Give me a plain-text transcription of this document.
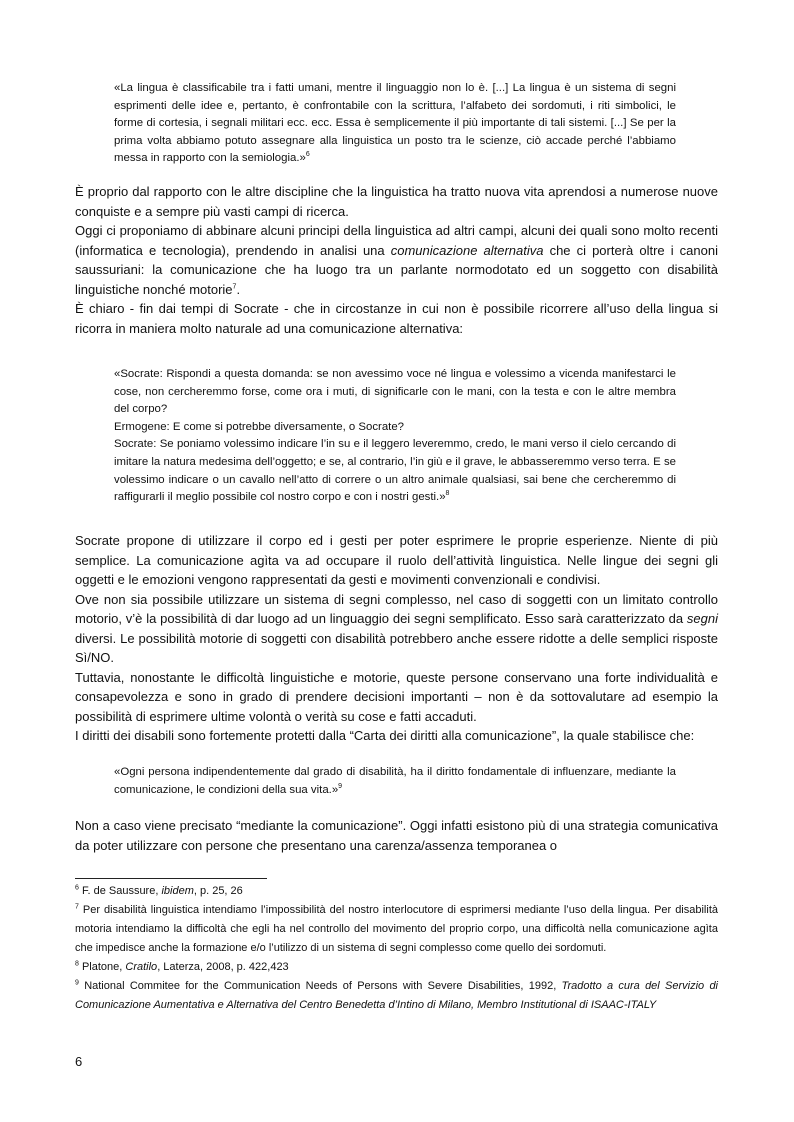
«La lingua è classificabile tra i fatti umani, mentre il linguaggio non lo è. [...] La lingua è un sistema di segni esprimenti delle idee e, pertanto, è confrontabile con la scrittura, l’alfabeto dei sordomuti, i riti simbolici, le forme di cortesia, i segnali militari ecc. ecc. Essa è semplicemente il più importante di tali sistemi. [...] Se per la prima volta abbiamo potuto assegnare alla linguistica un posto tra le scienze, ciò accade perché l’abbiamo messa in rapporto con la semiologia.»$^6$

È proprio dal rapporto con le altre discipline che la linguistica ha tratto nuova vita aprendosi a numerose nuove conquiste e a sempre più vasti campi di ricerca.

Oggi ci proponiamo di abbinare alcuni principi della linguistica ad altri campi, alcuni dei quali sono molto recenti (informatica e tecnologia), prendendo in analisi una comunicazione alternativa che ci porterà oltre i canoni saussuriani: la comunicazione che ha luogo tra un parlante normodotato ed un soggetto con disabilità linguistiche nonché motorie$^7$.

È chiaro - fin dai tempi di Socrate - che in circostanze in cui non è possibile ricorrere all’uso della lingua si ricorra in maniera molto naturale ad una comunicazione alternativa:

«Socrate: Rispondi a questa domanda: se non avessimo voce né lingua e volessimo a vicenda manifestarci le cose, non cercheremmo forse, come ora i muti, di significarle con le mani, con la testa e con le altre membra del corpo?

Ermogene: E come si potrebbe diversamente, o Socrate?

Socrate: Se poniamo volessimo indicare l’in su e il leggero leveremmo, credo, le mani verso il cielo cercando di imitare la natura medesima dell’oggetto; e se, al contrario, l’in giù e il grave, le abbasseremmo verso terra. E se volessimo indicare o un cavallo nell’atto di correre o un altro animale qualsiasi, sai bene che cercheremmo di raffigurarli il meglio possibile col nostro corpo e con i nostri gesti.»$^8$

Socrate propone di utilizzare il corpo ed i gesti per poter esprimere le proprie esperienze. Niente di più semplice. La comunicazione agìta va ad occupare il ruolo dell’attività linguistica. Nelle lingue dei segni gli oggetti e le emozioni vengono rappresentati da gesti e movimenti convenzionali e condivisi.

Ove non sia possibile utilizzare un sistema di segni complesso, nel caso di soggetti con un limitato controllo motorio, v’è la possibilità di dar luogo ad un linguaggio dei segni semplificato. Esso sarà caratterizzato da segni diversi. Le possibilità motorie di soggetti con disabilità potrebbero anche essere ridotte a delle semplici risposte Sì/NO.

Tuttavia, nonostante le difficoltà linguistiche e motorie, queste persone conservano una forte individualità e consapevolezza e sono in grado di prendere decisioni importanti – non è da sottovalutare ad esempio la possibilità di esprimere ultime volontà o verità su cose e fatti accaduti.

I diritti dei disabili sono fortemente protetti dalla “Carta dei diritti alla comunicazione”, la quale stabilisce che:

«Ogni persona indipendentemente dal grado di disabilità, ha il diritto fondamentale di influenzare, mediante la comunicazione, le condizioni della sua vita.»$^9$

Non a caso viene precisato “mediante la comunicazione”. Oggi infatti esistono più di una strategia comunicativa da poter utilizzare con persone che presentano una carenza/assenza temporanea o

$^6$ F. de Saussure, ibidem, p. 25, 26

$^7$ Per disabilità linguistica intendiamo l’impossibilità del nostro interlocutore di esprimersi mediante l’uso della lingua. Per disabilità motoria intendiamo la difficoltà che egli ha nel controllo del movimento del proprio corpo, una difficoltà nella comunicazione agìta che impedisce anche la formazione e/o l’utilizzo di un sistema di segni complesso come quello dei sordomuti.

$^8$ Platone, Cratilo, Laterza, 2008, p. 422,423

$^9$ National Commitee for the Communication Needs of Persons with Severe Disabilities, 1992, Tradotto a cura del Servizio di Comunicazione Aumentativa e Alternativa del Centro Benedetta d’Intino di Milano, Membro Institutional di ISAAC-ITALY

6
